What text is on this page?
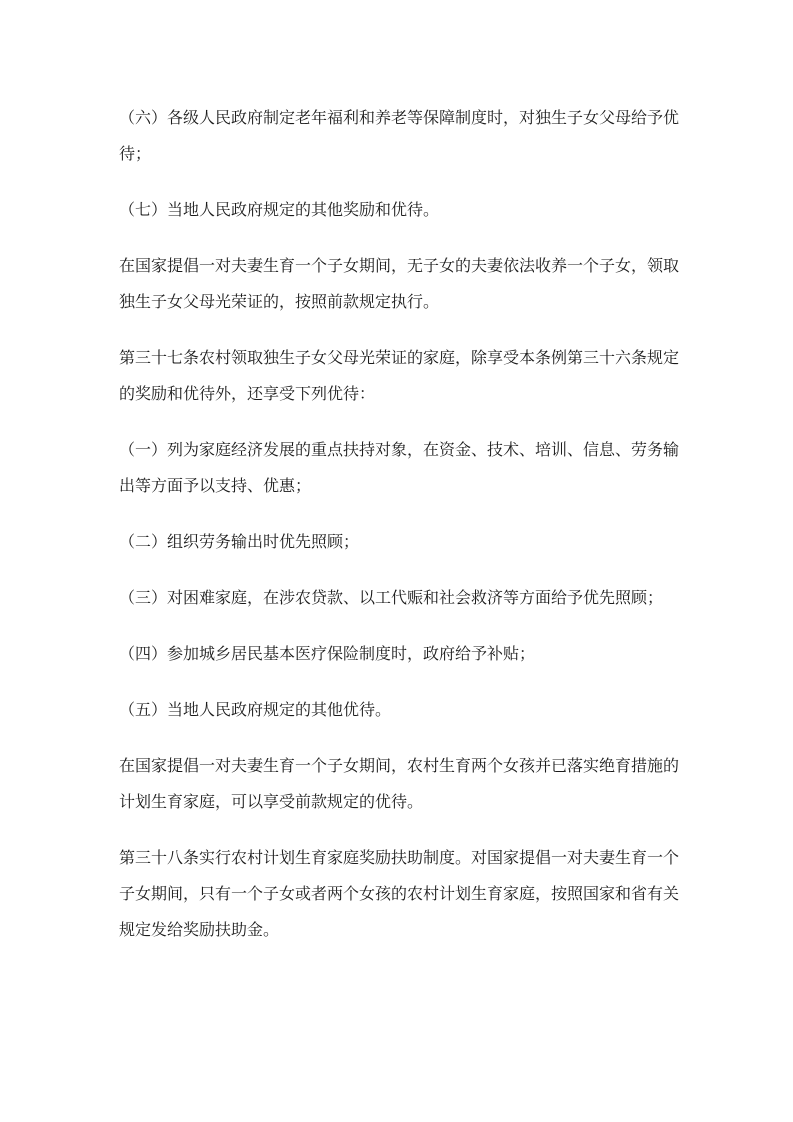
（六）各级人民政府制定老年福利和养老等保障制度时，对独生子女父母给予优
待；

（七）当地人民政府规定的其他奖励和优待。

在国家提倡一对夫妻生育一个子女期间，无子女的夫妻依法收养一个子女，领取
独生子女父母光荣证的，按照前款规定执行。

第三十七条农村领取独生子女父母光荣证的家庭，除享受本条例第三十六条规定
的奖励和优待外，还享受下列优待：

（一）列为家庭经济发展的重点扶持对象，在资金、技术、培训、信息、劳务输
出等方面予以支持、优惠；

（二）组织劳务输出时优先照顾；

（三）对困难家庭，在涉农贷款、以工代赈和社会救济等方面给予优先照顾；

（四）参加城乡居民基本医疗保险制度时，政府给予补贴；

（五）当地人民政府规定的其他优待。

在国家提倡一对夫妻生育一个子女期间，农村生育两个女孩并已落实绝育措施的
计划生育家庭，可以享受前款规定的优待。

第三十八条实行农村计划生育家庭奖励扶助制度。对国家提倡一对夫妻生育一个
子女期间，只有一个子女或者两个女孩的农村计划生育家庭，按照国家和省有关
规定发给奖励扶助金。
